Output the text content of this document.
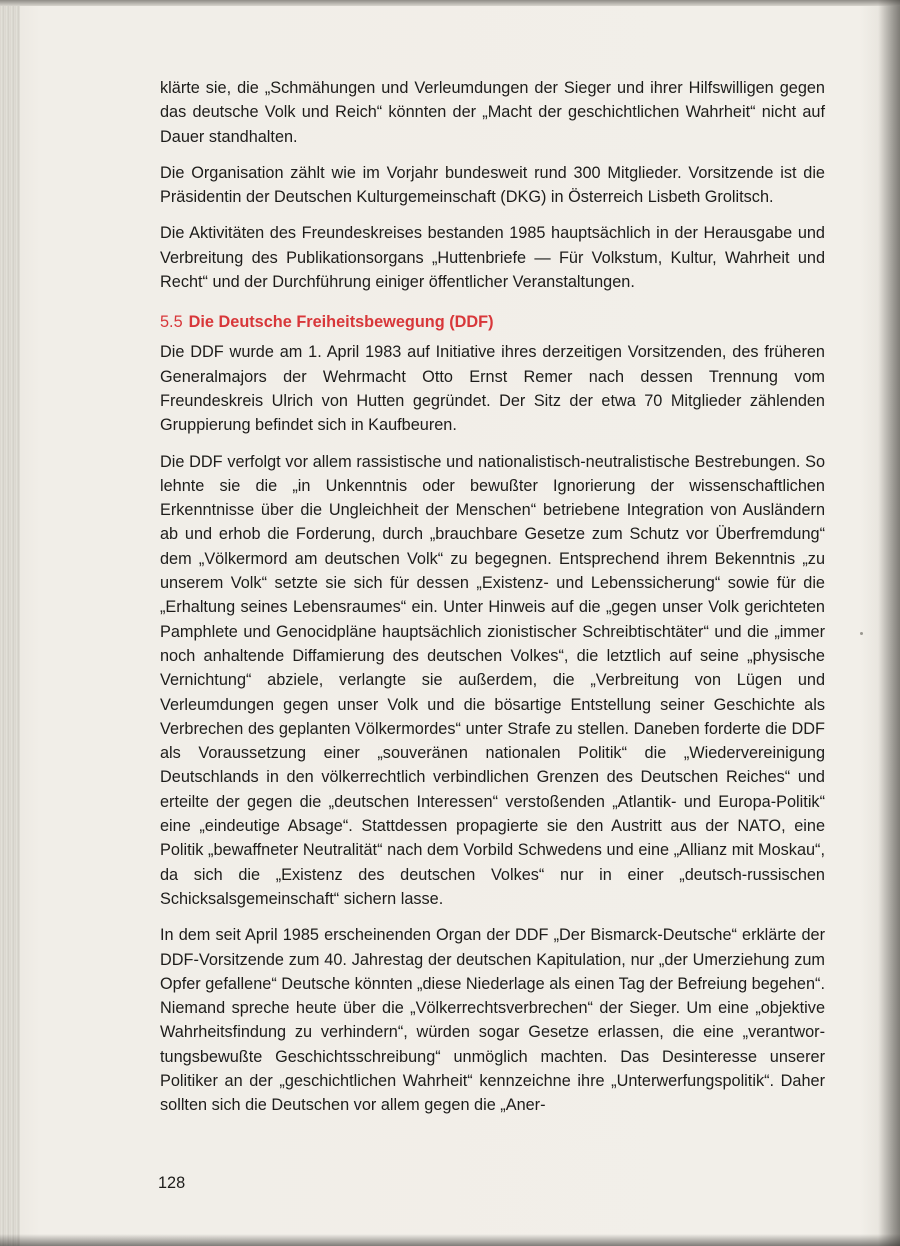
klärte sie, die „Schmähungen und Verleumdungen der Sieger und ihrer Hilfswilligen gegen das deutsche Volk und Reich“ könnten der „Macht der geschichtlichen Wahrheit“ nicht auf Dauer standhalten.

Die Organisation zählt wie im Vorjahr bundesweit rund 300 Mitglieder. Vorsitzende ist die Präsidentin der Deutschen Kulturgemeinschaft (DKG) in Österreich Lisbeth Grolitsch.

Die Aktivitäten des Freundeskreises bestanden 1985 hauptsächlich in der Herausgabe und Verbreitung des Publikationsorgans „Huttenbriefe — Für Volkstum, Kultur, Wahrheit und Recht“ und der Durchführung einiger öffentlicher Veranstaltungen.

5.5 Die Deutsche Freiheitsbewegung (DDF)

Die DDF wurde am 1. April 1983 auf Initiative ihres derzeitigen Vorsitzenden, des früheren Generalmajors der Wehrmacht Otto Ernst Remer nach dessen Trennung vom Freundeskreis Ulrich von Hutten gegründet. Der Sitz der etwa 70 Mitglieder zählenden Gruppierung befindet sich in Kaufbeuren.

Die DDF verfolgt vor allem rassistische und nationalistisch-neutralistische Bestrebungen. So lehnte sie die „in Unkenntnis oder bewußter Ignorierung der wissenschaftlichen Erkenntnisse über die Ungleichheit der Menschen“ betriebene Integration von Ausländern ab und erhob die Forderung, durch „brauchbare Gesetze zum Schutz vor Überfremdung“ dem „Völkermord am deutschen Volk“ zu begegnen. Entsprechend ihrem Bekenntnis „zu unserem Volk“ setzte sie sich für dessen „Existenz- und Lebenssicherung“ sowie für die „Erhaltung seines Lebensraumes“ ein. Unter Hinweis auf die „gegen unser Volk gerichteten Pamphlete und Genocidpläne hauptsächlich zionistischer Schreibtischtäter“ und die „immer noch anhaltende Diffamierung des deutschen Volkes“, die letztlich auf seine „physische Vernichtung“ abziele, verlangte sie außerdem, die „Verbreitung von Lügen und Verleumdungen gegen unser Volk und die bösartige Entstellung seiner Geschichte als Verbrechen des geplanten Völkermordes“ unter Strafe zu stellen. Daneben forderte die DDF als Voraussetzung einer „souveränen nationalen Politik“ die „Wiedervereinigung Deutschlands in den völkerrechtlich verbindlichen Grenzen des Deutschen Reiches“ und erteilte der gegen die „deutschen Interessen“ verstoßenden „Atlantik- und Europa-Politik“ eine „eindeutige Absage“. Stattdessen propagierte sie den Austritt aus der NATO, eine Politik „bewaffneter Neutralität“ nach dem Vorbild Schwedens und eine „Allianz mit Moskau“, da sich die „Existenz des deutschen Volkes“ nur in einer „deutsch-russischen Schicksalsgemeinschaft“ sichern lasse.

In dem seit April 1985 erscheinenden Organ der DDF „Der Bismarck-Deutsche“ erklärte der DDF-Vorsitzende zum 40. Jahrestag der deutschen Kapitulation, nur „der Umerziehung zum Opfer gefallene“ Deutsche könnten „diese Niederlage als einen Tag der Befreiung begehen“. Niemand spreche heute über die „Völkerrechtsverbrechen“ der Sieger. Um eine „objektive Wahrheitsfindung zu verhindern“, würden sogar Gesetze erlassen, die eine „verantwortungsbewußte Geschichtsschreibung“ unmöglich machten. Das Desinteresse unserer Politiker an der „geschichtlichen Wahrheit“ kennzeichne ihre „Unterwerfungspolitik“. Daher sollten sich die Deutschen vor allem gegen die „Aner-

128
